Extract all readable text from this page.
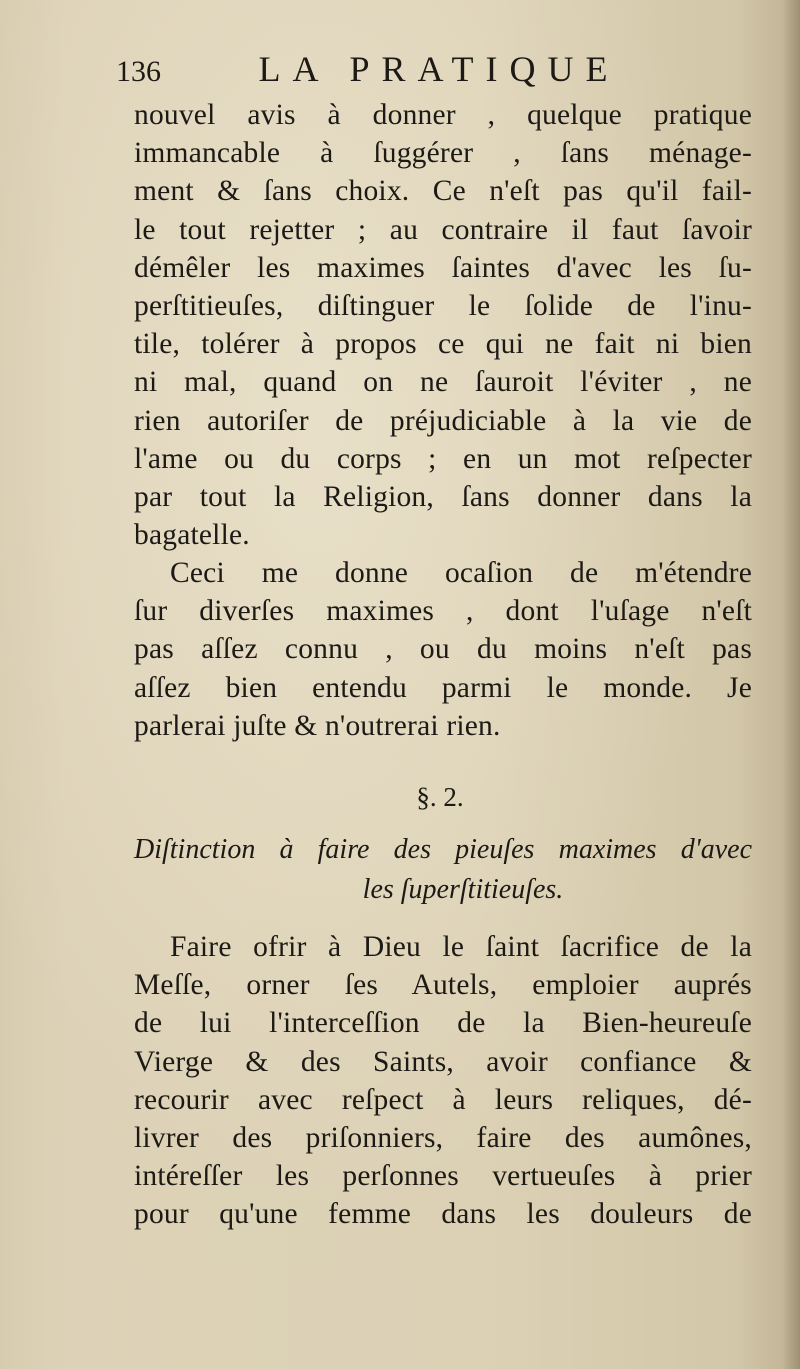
136	LA PRATIQUE
nouvel avis à donner , quelque pratique
immancable à ſuggérer , ſans ménage-
ment & ſans choix. Ce n'eſt pas qu'il fail-
le tout rejetter ; au contraire il faut ſavoir
démêler les maximes ſaintes d'avec les ſu-
perſtitieuſes, diſtinguer le ſolide de l'inu-
tile, tolérer à propos ce qui ne fait ni bien
ni mal, quand on ne ſauroit l'éviter , ne
rien autoriſer de préjudiciable à la vie de
l'ame ou du corps ; en un mot reſpecter
par tout la Religion, ſans donner dans la
bagatelle.
Ceci me donne ocaſion de m'étendre
ſur diverſes maximes , dont l'uſage n'eſt
pas aſſez connu , ou du moins n'eſt pas
aſſez bien entendu parmi le monde. Je
parlerai juſte & n'outrerai rien.
§. 2.
Diſtinction à faire des pieuſes maximes d'avec
les ſuperſtitieuſes.
Faire ofrir à Dieu le ſaint ſacrifice de la
Meſſe, orner ſes Autels, emploier auprés
de lui l'interceſſion de la Bien-heureuſe
Vierge & des Saints, avoir confiance &
recourir avec reſpect à leurs reliques, dé-
livrer des priſonniers, faire des aumônes,
intéreſſer les perſonnes vertueuſes à prier
pour qu'une femme dans les douleurs de
